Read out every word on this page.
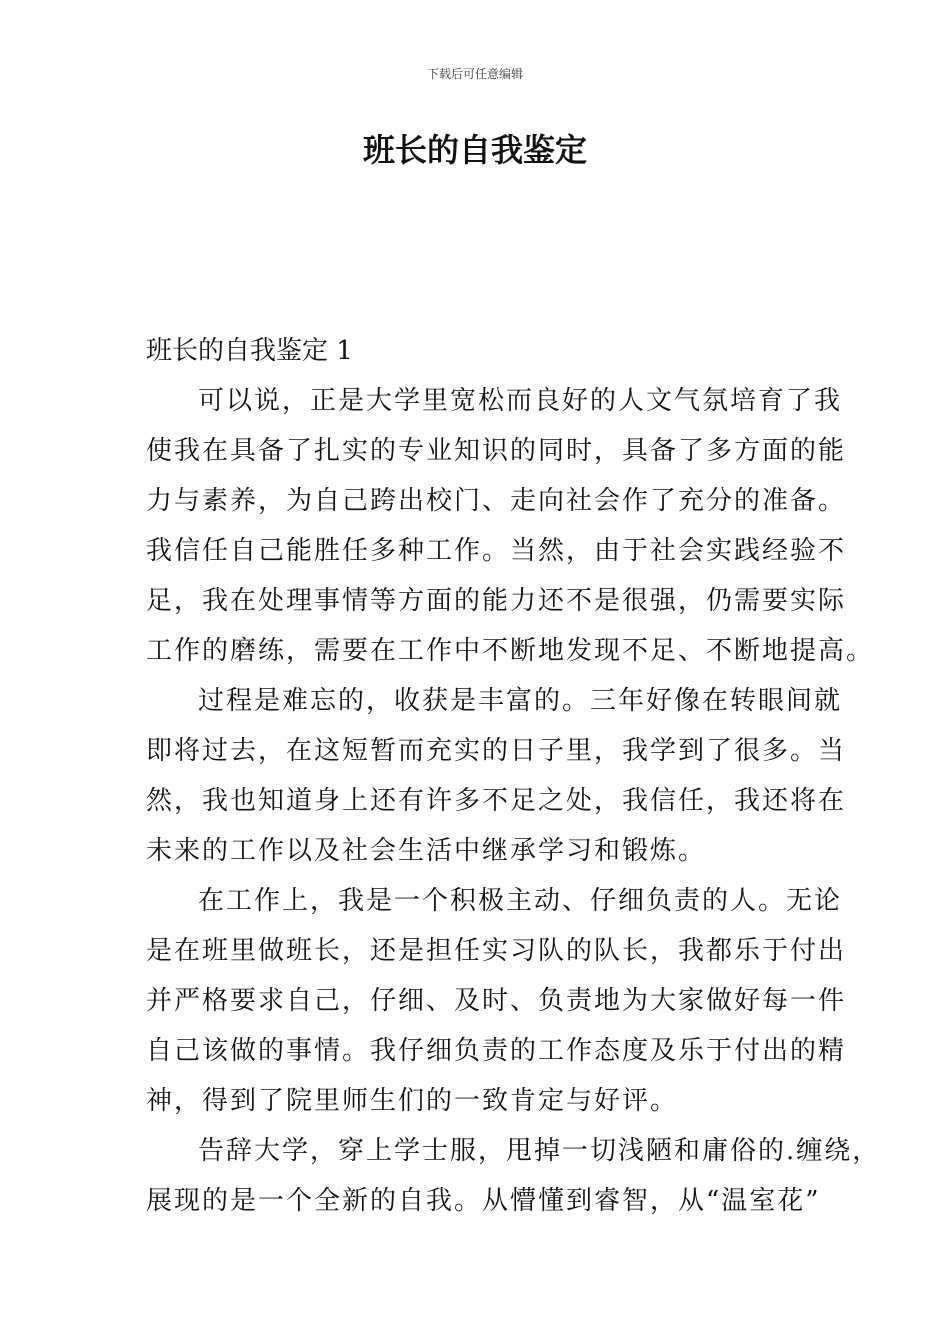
下载后可任意编辑
班长的自我鉴定
班长的自我鉴定 1
可以说，正是大学里宽松而良好的人文气氛培育了我
使我在具备了扎实的专业知识的同时，具备了多方面的能
力与素养，为自己跨出校门、走向社会作了充分的准备。
我信任自己能胜任多种工作。当然，由于社会实践经验不
足，我在处理事情等方面的能力还不是很强，仍需要实际
工作的磨练，需要在工作中不断地发现不足、不断地提高。
过程是难忘的，收获是丰富的。三年好像在转眼间就
即将过去，在这短暂而充实的日子里，我学到了很多。当
然，我也知道身上还有许多不足之处，我信任，我还将在
未来的工作以及社会生活中继承学习和锻炼。
在工作上，我是一个积极主动、仔细负责的人。无论
是在班里做班长，还是担任实习队的队长，我都乐于付出
并严格要求自己，仔细、及时、负责地为大家做好每一件
自己该做的事情。我仔细负责的工作态度及乐于付出的精
神，得到了院里师生们的一致肯定与好评。
告辞大学，穿上学士服，甩掉一切浅陋和庸俗的.缠绕，
展现的是一个全新的自我。从懵懂到睿智，从“温室花”
